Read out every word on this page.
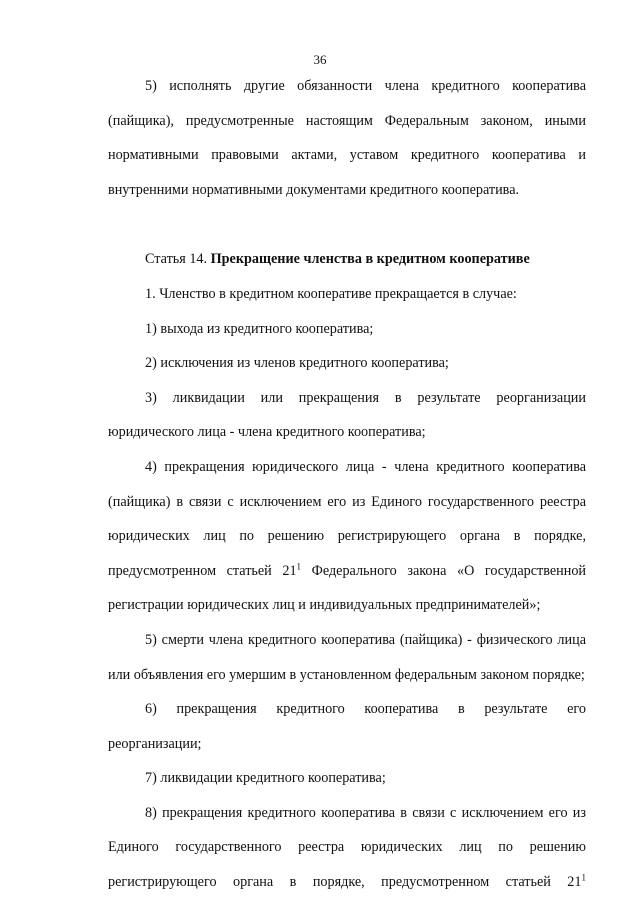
36

5) исполнять другие обязанности члена кредитного кооператива (пайщика), предусмотренные настоящим Федеральным законом, иными нормативными правовыми актами, уставом кредитного кооператива и внутренними нормативными документами кредитного кооператива.

Статья 14. Прекращение членства в кредитном кооперативе

1. Членство в кредитном кооперативе прекращается в случае:

1) выхода из кредитного кооператива;

2) исключения из членов кредитного кооператива;

3) ликвидации или прекращения в результате реорганизации юридического лица - члена кредитного кооператива;

4) прекращения юридического лица - члена кредитного кооператива (пайщика) в связи с исключением его из Единого государственного реестра юридических лиц по решению регистрирующего органа в порядке, предусмотренном статьей $21^1$ Федерального закона «О государственной регистрации юридических лиц и индивидуальных предпринимателей»;

5) смерти члена кредитного кооператива (пайщика) - физического лица или объявления его умершим в установленном федеральным законом порядке;

6) прекращения кредитного кооператива в результате его реорганизации;

7) ликвидации кредитного кооператива;

8) прекращения кредитного кооператива в связи с исключением его из Единого государственного реестра юридических лиц по решению регистрирующего органа в порядке, предусмотренном статьей $21^1$
